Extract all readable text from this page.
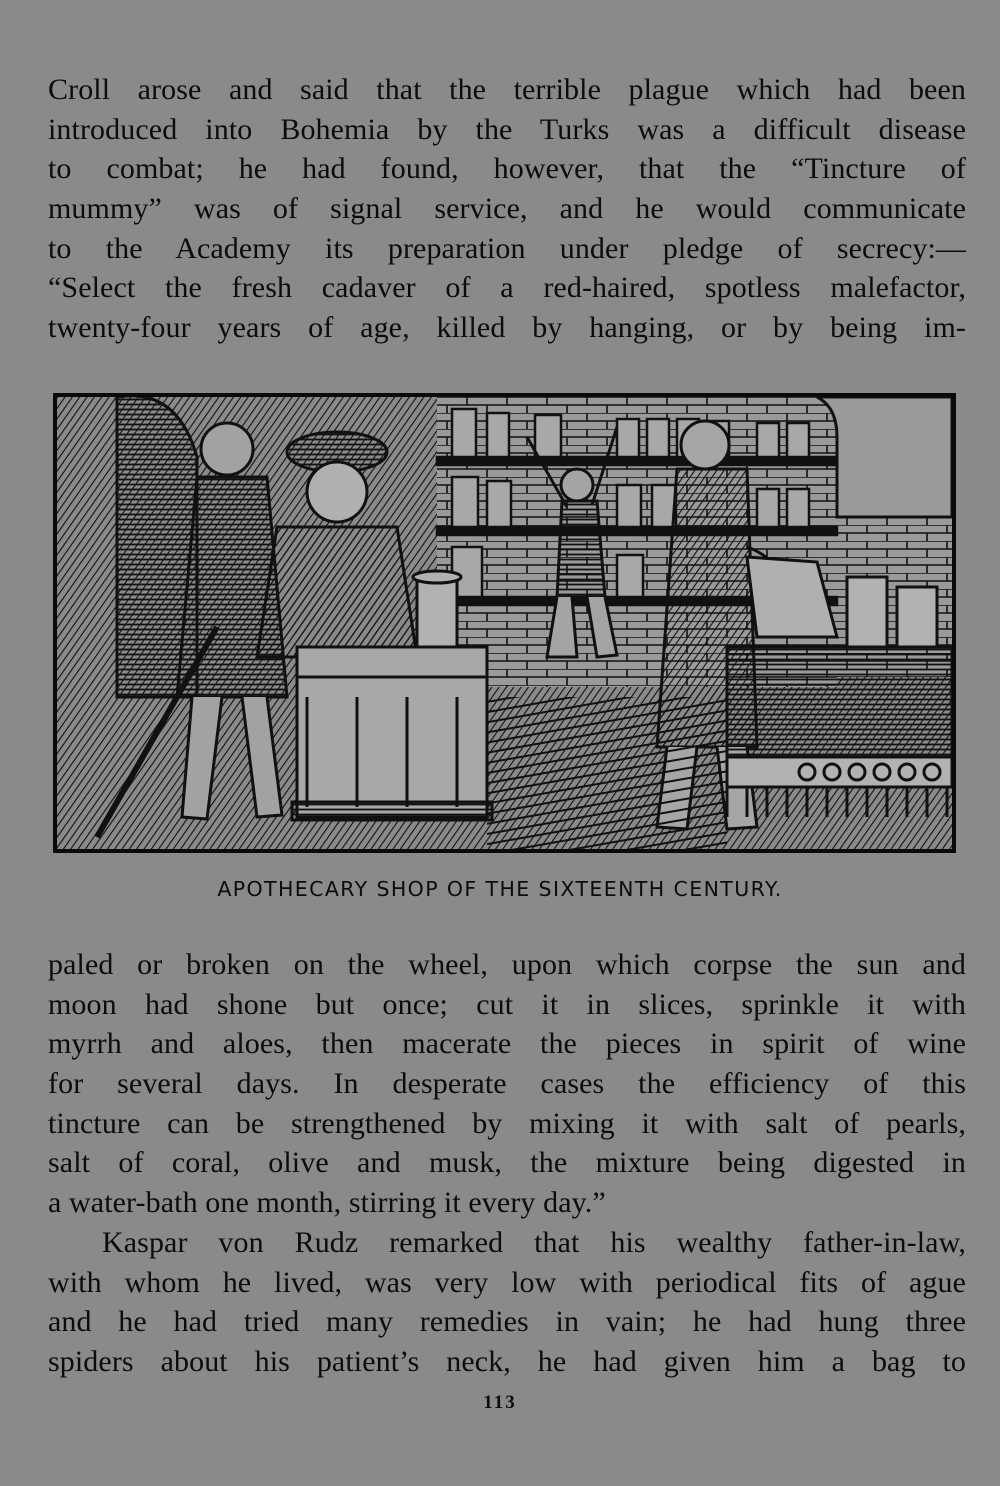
Croll arose and said that the terrible plague which had been
introduced into Bohemia by the Turks was a difficult disease
to combat; he had found, however, that the “Tincture of
mummy” was of signal service, and he would communicate
to the Academy its preparation under pledge of secrecy:—
“Select the fresh cadaver of a red-haired, spotless malefactor,
twenty-four years of age, killed by hanging, or by being im-
APOTHECARY SHOP OF THE SIXTEENTH CENTURY.
paled or broken on the wheel, upon which corpse the sun and
moon had shone but once; cut it in slices, sprinkle it with
myrrh and aloes, then macerate the pieces in spirit of wine
for several days. In desperate cases the efficiency of this
tincture can be strengthened by mixing it with salt of pearls,
salt of coral, olive and musk, the mixture being digested in
a water-bath one month, stirring it every day.”
Kaspar von Rudz remarked that his wealthy father-in-law,
with whom he lived, was very low with periodical fits of ague
and he had tried many remedies in vain; he had hung three
spiders about his patient’s neck, he had given him a bag to
113
